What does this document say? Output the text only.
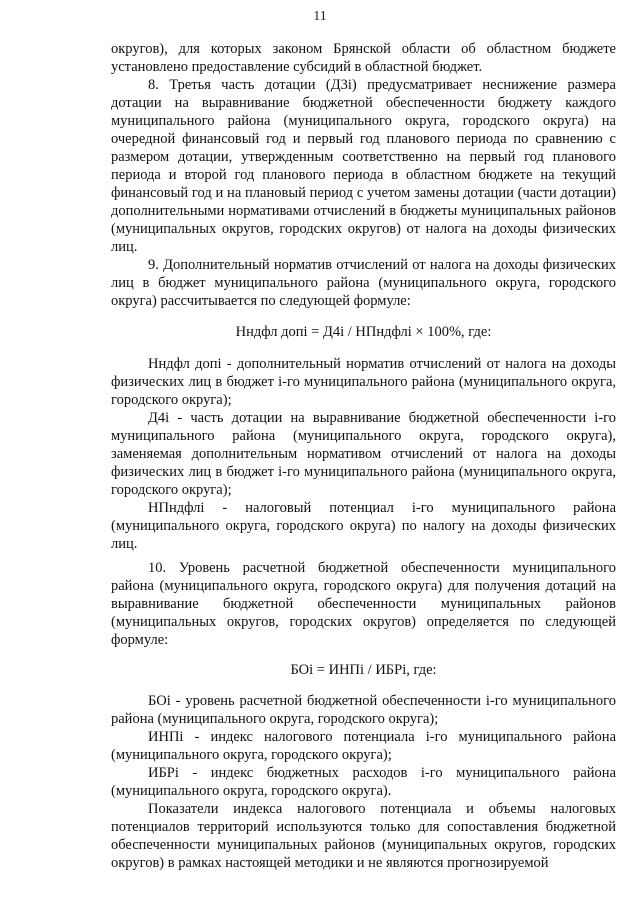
11

округов), для которых законом Брянской области об областном бюджете установлено предоставление субсидий в областной бюджет.

8. Третья часть дотации (Д3i) предусматривает неснижение размера дотации на выравнивание бюджетной обеспеченности бюджету каждого муниципального района (муниципального округа, городского округа) на очередной финансовый год и первый год планового периода по сравнению с размером дотации, утвержденным соответственно на первый год планового периода и второй год планового периода в областном бюджете на текущий финансовый год и на плановый период с учетом замены дотации (части дотации) дополнительными нормативами отчислений в бюджеты муниципальных районов (муниципальных округов, городских округов) от налога на доходы физических лиц.

9. Дополнительный норматив отчислений от налога на доходы физических лиц в бюджет муниципального района (муниципального округа, городского округа) рассчитывается по следующей формуле:

Нндфл допi = Д4i / НПндфлi × 100%, где:

Нндфл допi - дополнительный норматив отчислений от налога на доходы физических лиц в бюджет i-го муниципального района (муниципального округа, городского округа);

Д4i - часть дотации на выравнивание бюджетной обеспеченности i-го муниципального района (муниципального округа, городского округа), заменяемая дополнительным нормативом отчислений от налога на доходы физических лиц в бюджет i-го муниципального района (муниципального округа, городского округа);

НПндфлi - налоговый потенциал i-го муниципального района (муниципального округа, городского округа) по налогу на доходы физических лиц.

10. Уровень расчетной бюджетной обеспеченности муниципального района (муниципального округа, городского округа) для получения дотаций на выравнивание бюджетной обеспеченности муниципальных районов (муниципальных округов, городских округов) определяется по следующей формуле:

БОi = ИНПi / ИБРi, где:

БОi - уровень расчетной бюджетной обеспеченности i-го муниципального района (муниципального округа, городского округа);

ИНПi - индекс налогового потенциала i-го муниципального района (муниципального округа, городского округа);

ИБРi - индекс бюджетных расходов i-го муниципального района (муниципального округа, городского округа).

Показатели индекса налогового потенциала и объемы налоговых потенциалов территорий используются только для сопоставления бюджетной обеспеченности муниципальных районов (муниципальных округов, городских округов) в рамках настоящей методики и не являются прогнозируемой
